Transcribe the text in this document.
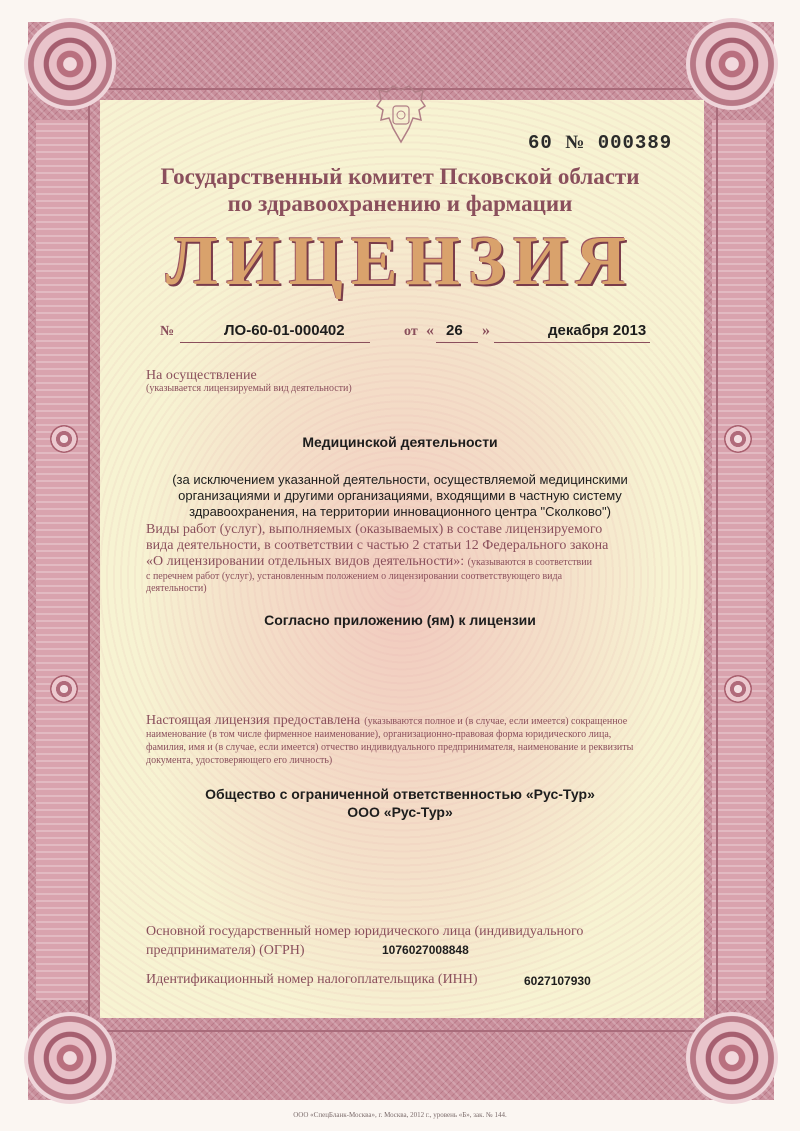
60 № 000389
Государственный комитет Псковской области
по здравоохранению и фармации
ЛИЦЕНЗИЯ
№	ЛО-60-01-000402	от « 26 »	декабря 2013
На осуществление
(указывается лицензируемый вид деятельности)
Медицинской деятельности
(за исключением указанной деятельности, осуществляемой медицинскими
организациями и другими организациями, входящими в частную систему
здравоохранения, на территории инновационного центра "Сколково")
Виды работ (услуг), выполняемых (оказываемых) в составе лицензируемого
вида деятельности, в соответствии с частью 2 статьи 12 Федерального закона
«О лицензировании отдельных видов деятельности»: (указываются в соответствии
с перечнем работ (услуг), установленным положением о лицензировании соответствующего вида
деятельности)
Согласно приложению (ям) к лицензии
Настоящая лицензия предоставлена (указываются полное и (в случае, если имеется) сокращенное
наименование (в том числе фирменное наименование), организационно-правовая форма юридического лица,
фамилия, имя и (в случае, если имеется) отчество индивидуального предпринимателя, наименование и реквизиты
документа, удостоверяющего его личность)
Общество с ограниченной ответственностью «Рус-Тур»
ООО «Рус-Тур»
Основной государственный номер юридического лица (индивидуального
предпринимателя) (ОГРН)	1076027008848
Идентификационный номер налогоплательщика (ИНН)	6027107930
ООО «СпецБланк-Москва», г. Москва, 2012 г., уровень «Б», зак. № 144.
